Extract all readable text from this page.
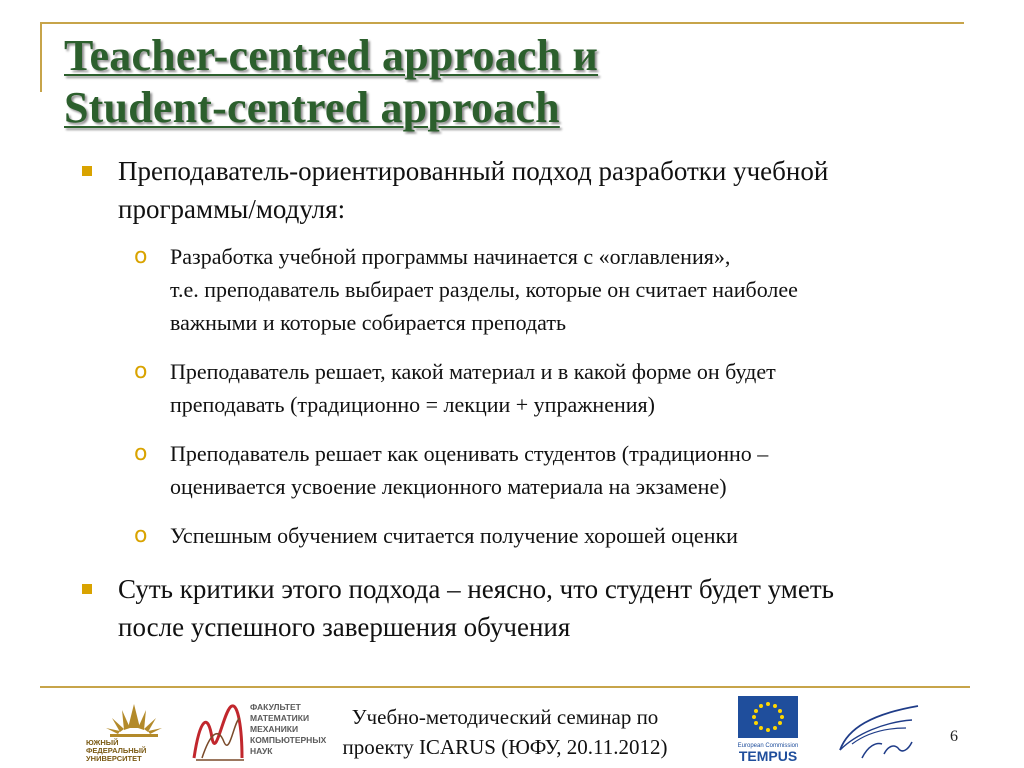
Teacher-centred approach и
Student-centred approach
Преподаватель-ориентированный подход разработки учебной
программы/модуля:
o Разработка учебной программы начинается с «оглавления»,
т.е. преподаватель выбирает разделы, которые он считает наиболее
важными и которые собирается преподать
o Преподаватель решает, какой материал и в какой форме он будет
преподавать (традиционно = лекции + упражнения)
o Преподаватель решает как оценивать студентов (традиционно –
оценивается усвоение лекционного материала на экзамене)
o Успешным обучением считается получение хорошей оценки
Суть критики этого подхода – неясно, что студент будет уметь
после успешного завершения обучения
ЮЖНЫЙ
ФЕДЕРАЛЬНЫЙ
УНИВЕРСИТЕТ
ФАКУЛЬТЕТ
МАТЕМАТИКИ
МЕХАНИКИ
КОМПЬЮТЕРНЫХ
НАУК
Учебно-методический семинар по
проекту ICARUS (ЮФУ, 20.11.2012)	European Commission
TEMPUS
6
